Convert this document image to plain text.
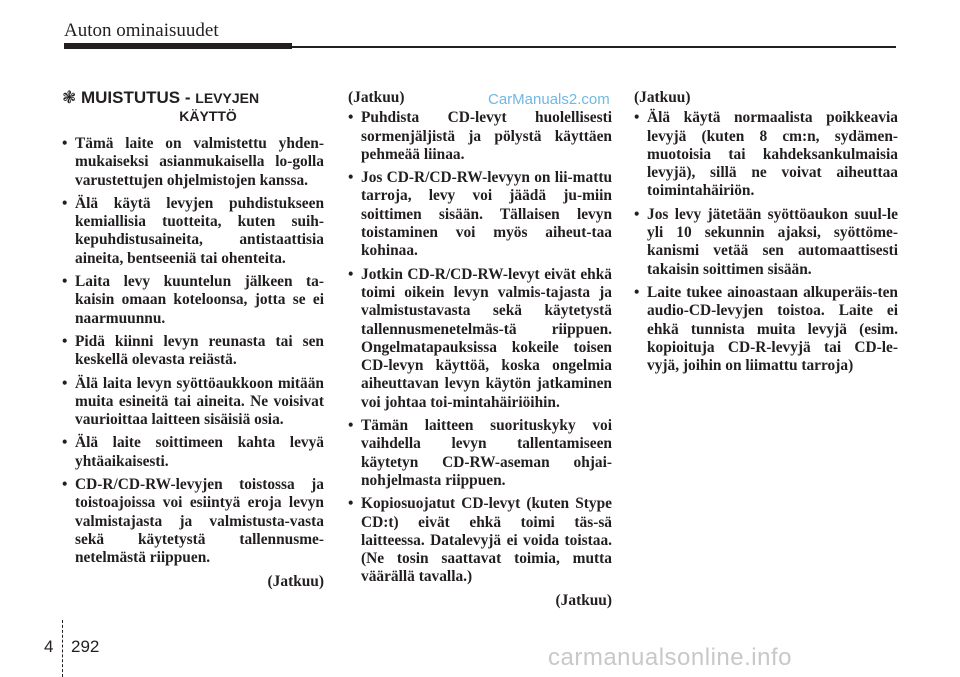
Auton ominaisuudet
CarManuals2.com
❃ MUISTUTUS - LEVYJEN
KÄYTTÖ
• Tämä laite on valmistettu yhden-mukaiseksi asianmukaisella lo-golla varustettujen ohjelmistojen kanssa.
• Älä käytä levyjen puhdistukseen kemiallisia tuotteita, kuten suih-kepuhdistusaineita, antistaattisia aineita, bentseeniä tai ohenteita.
• Laita levy kuuntelun jälkeen ta-kaisin omaan koteloonsa, jotta se ei naarmuunnu.
• Pidä kiinni levyn reunasta tai sen keskellä olevasta reiästä.
• Älä laita levyn syöttöaukkoon mitään muita esineitä tai aineita. Ne voisivat vaurioittaa laitteen sisäisiä osia.
• Älä laite soittimeen kahta levyä yhtäaikaisesti.
• CD-R/CD-RW-levyjen toistossa ja toistoajoissa voi esiintyä eroja levyn valmistajasta ja valmistusta-vasta sekä käytetystä tallennusme-netelmästä riippuen.
(Jatkuu)
(Jatkuu)
• Puhdista CD-levyt huolellisesti sormenjäljistä ja pölystä käyttäen pehmeää liinaa.
• Jos CD-R/CD-RW-levyyn on lii-mattu tarroja, levy voi jäädä ju-miin soittimen sisään. Tällaisen levyn toistaminen voi myös aiheut-taa kohinaa.
• Jotkin CD-R/CD-RW-levyt eivät ehkä toimi oikein levyn valmis-tajasta ja valmistustavasta sekä käytetystä tallennusmenetelmäs-tä riippuen. Ongelmatapauksissa kokeile toisen CD-levyn käyttöä, koska ongelmia aiheuttavan levyn käytön jatkaminen voi johtaa toi-mintahäiriöihin.
• Tämän laitteen suorituskyky voi vaihdella levyn tallentamiseen käytetyn CD-RW-aseman ohjai-nohjelmasta riippuen.
• Kopiosuojatut CD-levyt (kuten Stype CD:t) eivät ehkä toimi täs-sä laitteessa. Datalevyjä ei voida toistaa. (Ne tosin saattavat toimia, mutta väärällä tavalla.)
(Jatkuu)
(Jatkuu)
• Älä käytä normaalista poikkeavia levyjä (kuten 8 cm:n, sydämen-muotoisia tai kahdeksankulmaisia levyjä), sillä ne voivat aiheuttaa toimintahäiriön.
• Jos levy jätetään syöttöaukon suul-le yli 10 sekunnin ajaksi, syöttöme-kanismi vetää sen automaattisesti takaisin soittimen sisään.
• Laite tukee ainoastaan alkuperäis-ten audio-CD-levyjen toistoa. Laite ei ehkä tunnista muita levyjä (esim. kopioituja CD-R-levyjä tai CD-le-vyjä, joihin on liimattu tarroja)
4 292	carmanualsonline.info
